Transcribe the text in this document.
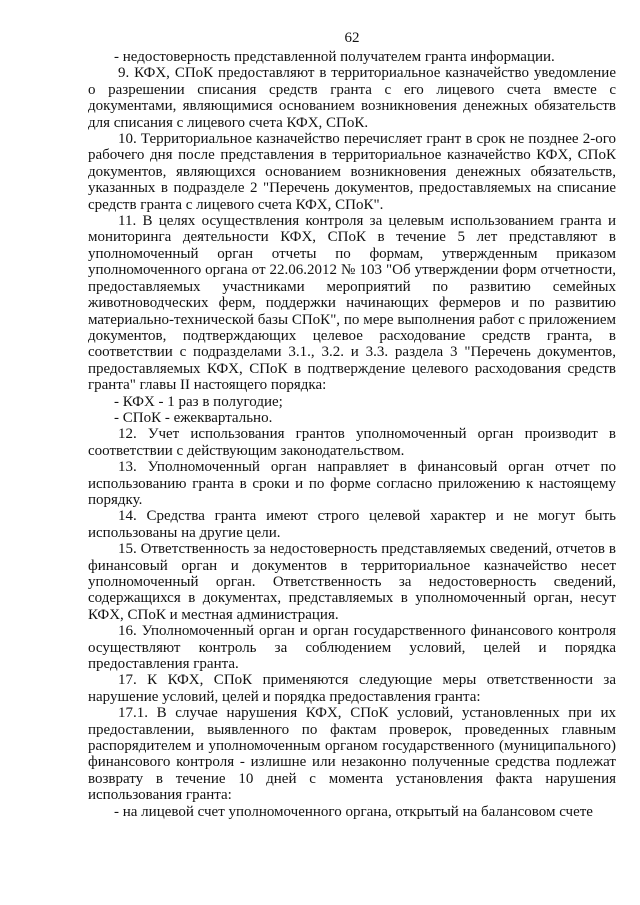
62

- недостоверность представленной получателем гранта информации.

9. КФХ, СПоК предоставляют в территориальное казначейство уведомление о разрешении списания средств гранта с его лицевого счета вместе с документами, являющимися основанием возникновения денежных обязательств для списания с лицевого счета КФХ, СПоК.

10. Территориальное казначейство перечисляет грант в срок не позднее 2-ого рабочего дня после представления в территориальное казначейство КФХ, СПоК документов, являющихся основанием возникновения денежных обязательств, указанных в подразделе 2 "Перечень документов, предоставляемых на списание средств гранта с лицевого счета КФХ, СПоК".

11. В целях осуществления контроля за целевым использованием гранта и мониторинга деятельности КФХ, СПоК в течение 5 лет представляют в уполномоченный орган отчеты по формам, утвержденным приказом уполномоченного органа от 22.06.2012 № 103 "Об утверждении форм отчетности, предоставляемых участниками мероприятий по развитию семейных животноводческих ферм, поддержки начинающих фермеров и по развитию материально-технической базы СПоК", по мере выполнения работ с приложением документов, подтверждающих целевое расходование средств гранта, в соответствии с подразделами 3.1., 3.2. и 3.3. раздела 3 "Перечень документов, предоставляемых КФХ, СПоК в подтверждение целевого расходования средств гранта" главы II настоящего порядка:

- КФХ - 1 раз в полугодие;

- СПоК - ежеквартально.

12. Учет использования грантов уполномоченный орган производит в соответствии с действующим законодательством.

13. Уполномоченный орган направляет в финансовый орган отчет по использованию гранта в сроки и по форме согласно приложению к настоящему порядку.

14. Средства гранта имеют строго целевой характер и не могут быть использованы на другие цели.

15. Ответственность за недостоверность представляемых сведений, отчетов в финансовый орган и документов в территориальное казначейство несет уполномоченный орган. Ответственность за недостоверность сведений, содержащихся в документах, представляемых в уполномоченный орган, несут КФХ, СПоК и местная администрация.

16. Уполномоченный орган и орган государственного финансового контроля осуществляют контроль за соблюдением условий, целей и порядка предоставления гранта.

17. К КФХ, СПоК применяются следующие меры ответственности за нарушение условий, целей и порядка предоставления гранта:

17.1. В случае нарушения КФХ, СПоК условий, установленных при их предоставлении, выявленного по фактам проверок, проведенных главным распорядителем и уполномоченным органом государственного (муниципального) финансового контроля - излишне или незаконно полученные средства подлежат возврату в течение 10 дней с момента установления факта нарушения использования гранта:

- на лицевой счет уполномоченного органа, открытый на балансовом счете
